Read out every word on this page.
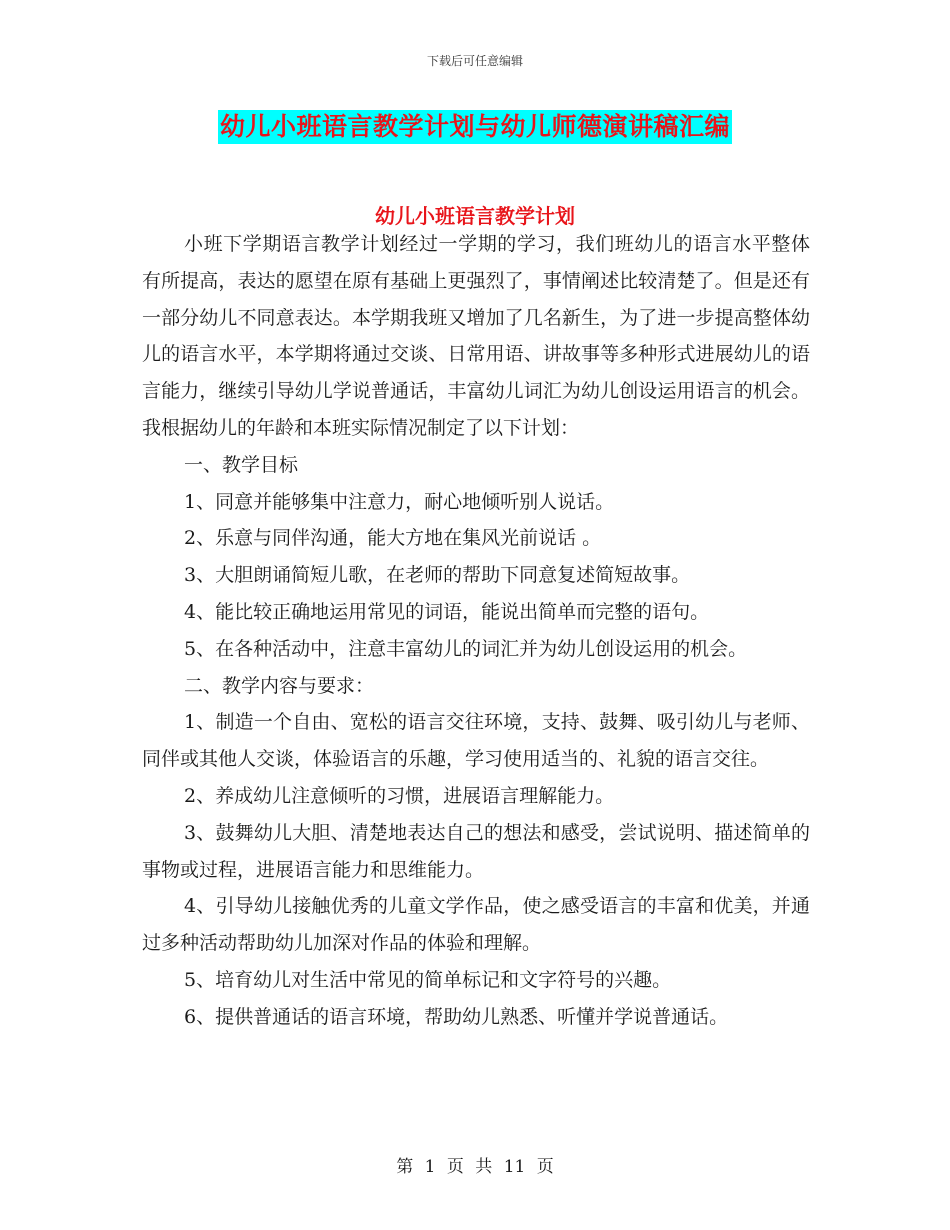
下载后可任意编辑
幼儿小班语言教学计划与幼儿师德演讲稿汇编
幼儿小班语言教学计划

小班下学期语言教学计划经过一学期的学习，我们班幼儿的语言水平整体有所提高，表达的愿望在原有基础上更强烈了，事情阐述比较清楚了。但是还有一部分幼儿不同意表达。本学期我班又增加了几名新生，为了进一步提高整体幼儿的语言水平，本学期将通过交谈、日常用语、讲故事等多种形式进展幼儿的语言能力，继续引导幼儿学说普通话，丰富幼儿词汇为幼儿创设运用语言的机会。我根据幼儿的年龄和本班实际情况制定了以下计划：

一、教学目标

1、同意并能够集中注意力，耐心地倾听别人说话。

2、乐意与同伴沟通，能大方地在集风光前说话 。

3、大胆朗诵简短儿歌，在老师的帮助下同意复述简短故事。

4、能比较正确地运用常见的词语，能说出简单而完整的语句。

5、在各种活动中，注意丰富幼儿的词汇并为幼儿创设运用的机会。

二、教学内容与要求：

1、制造一个自由、宽松的语言交往环境，支持、鼓舞、吸引幼儿与老师、同伴或其他人交谈，体验语言的乐趣，学习使用适当的、礼貌的语言交往。

2、养成幼儿注意倾听的习惯，进展语言理解能力。

3、鼓舞幼儿大胆、清楚地表达自己的想法和感受，尝试说明、描述简单的事物或过程，进展语言能力和思维能力。

4、引导幼儿接触优秀的儿童文学作品，使之感受语言的丰富和优美，并通过多种活动帮助幼儿加深对作品的体验和理解。

5、培育幼儿对生活中常见的简单标记和文字符号的兴趣。

6、提供普通话的语言环境，帮助幼儿熟悉、听懂并学说普通话。

第 1 页 共 11 页
